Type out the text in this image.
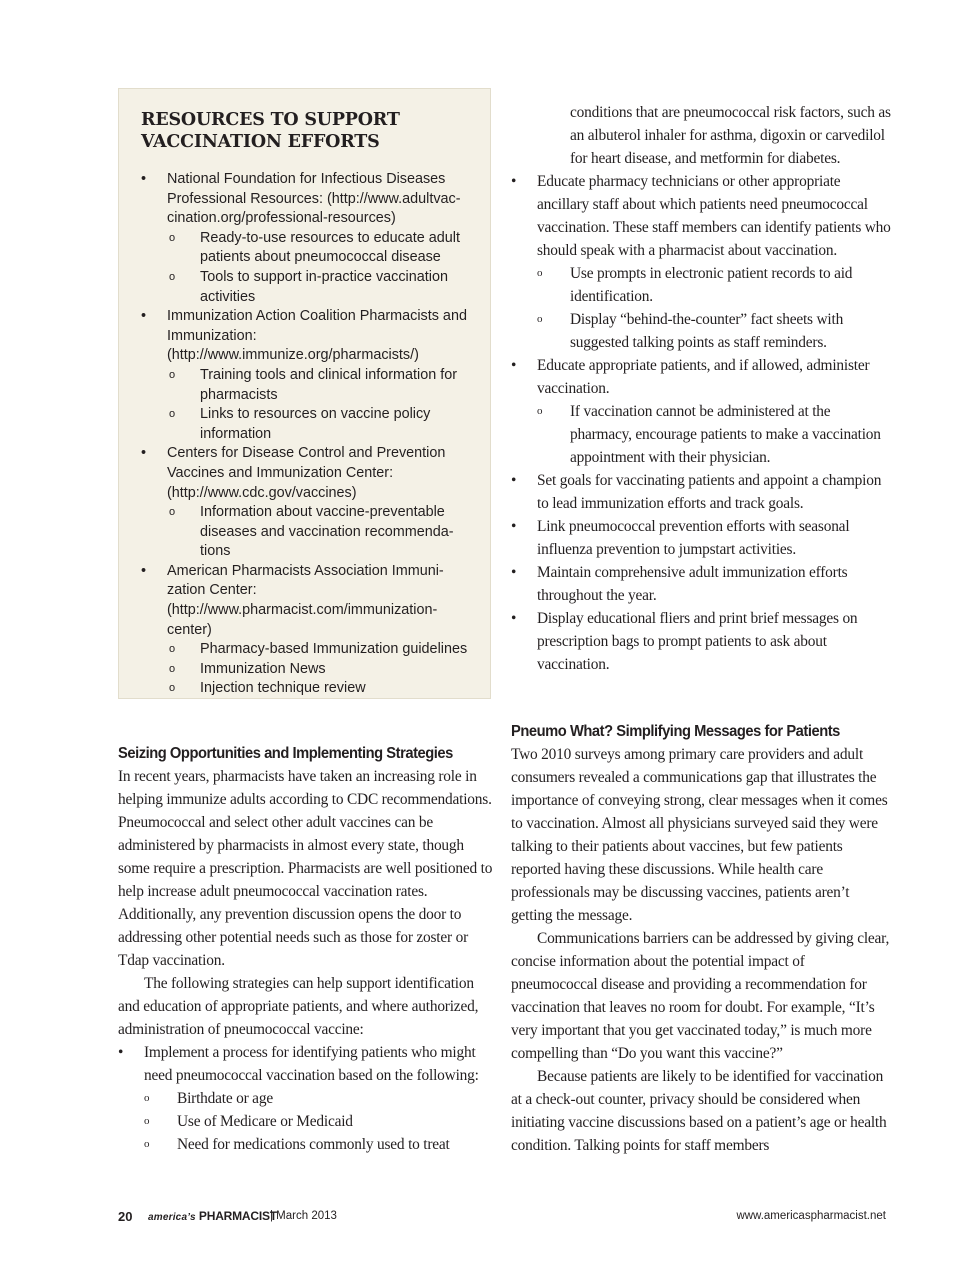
RESOURCES TO SUPPORT VACCINATION EFFORTS
• National Foundation for Infectious Diseases Professional Resources: (http://www.adultvac-cination.org/professional-resources)
o Ready-to-use resources to educate adult patients about pneumococcal disease
o Tools to support in-practice vaccination activities
• Immunization Action Coalition Pharmacists and Immunization: (http://www.immunize.org/pharmacists/)
o Training tools and clinical information for pharmacists
o Links to resources on vaccine policy information
• Centers for Disease Control and Prevention Vaccines and Immunization Center: (http://www.cdc.gov/vaccines)
o Information about vaccine-preventable diseases and vaccination recommenda-tions
• American Pharmacists Association Immuni-zation Center: (http://www.pharmacist.com/immunization-center)
o Pharmacy-based Immunization guidelines
o Immunization News
o Injection technique review
Seizing Opportunities and Implementing Strategies

In recent years, pharmacists have taken an increasing role in helping immunize adults according to CDC recommendations. Pneumococcal and select other adult vaccines can be administered by pharmacists in almost every state, though some require a prescription. Pharmacists are well positioned to help increase adult pneumococcal vaccination rates. Additionally, any prevention discussion opens the door to addressing other potential needs such as those for zoster or Tdap vaccination.

The following strategies can help support identification and education of appropriate patients, and where authorized, administration of pneumococcal vaccine:

• Implement a process for identifying patients who might need pneumococcal vaccination based on the following:
o Birthdate or age
o Use of Medicare or Medicaid
o Need for medications commonly used to treat
conditions that are pneumococcal risk factors, such as an albuterol inhaler for asthma, digoxin or carvedilol for heart disease, and metformin for diabetes.
• Educate pharmacy technicians or other appropriate ancillary staff about which patients need pneumococcal vaccination. These staff members can identify patients who should speak with a pharmacist about vaccination.
o Use prompts in electronic patient records to aid identification.
o Display “behind-the-counter” fact sheets with suggested talking points as staff reminders.
• Educate appropriate patients, and if allowed, administer vaccination.
o If vaccination cannot be administered at the pharmacy, encourage patients to make a vaccination appointment with their physician.
• Set goals for vaccinating patients and appoint a champion to lead immunization efforts and track goals.
• Link pneumococcal prevention efforts with seasonal influenza prevention to jumpstart activities.
• Maintain comprehensive adult immunization efforts throughout the year.
• Display educational fliers and print brief messages on prescription bags to prompt patients to ask about vaccination.
Pneumo What? Simplifying Messages for Patients

Two 2010 surveys among primary care providers and adult consumers revealed a communications gap that illustrates the importance of conveying strong, clear messages when it comes to vaccination. Almost all physicians surveyed said they were talking to their patients about vaccines, but few patients reported having these discussions. While health care professionals may be discussing vaccines, patients aren’t getting the message.

Communications barriers can be addressed by giving clear, concise information about the potential impact of pneumococcal disease and providing a recommendation for vaccination that leaves no room for doubt. For example, “It’s very important that you get vaccinated today,” is much more compelling than “Do you want this vaccine?”

Because patients are likely to be identified for vaccination at a check-out counter, privacy should be considered when initiating vaccine discussions based on a patient’s age or health condition. Talking points for staff members

20 america’s PHARMACIST
| March 2013	www.americaspharmacist.net
